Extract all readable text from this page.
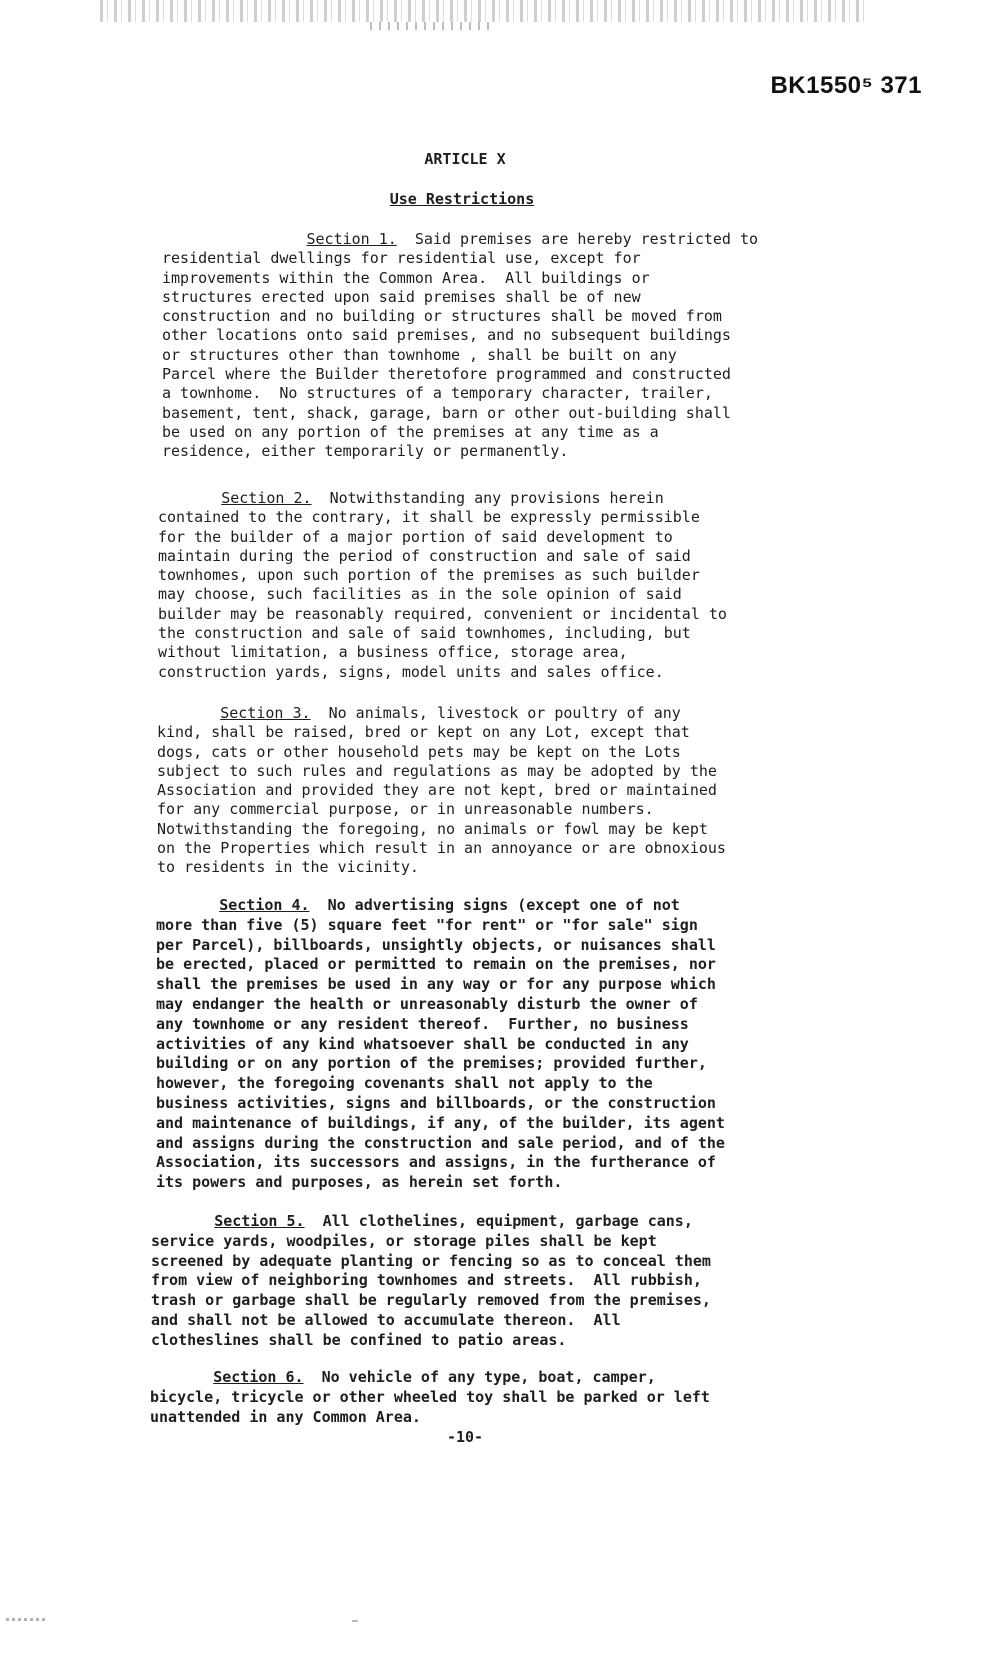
BK1550⁵ 371
ARTICLE X
Use Restrictions
Section 1.  Said premises are hereby restricted to
residential dwellings for residential use, except for
improvements within the Common Area.  All buildings or
structures erected upon said premises shall be of new
construction and no building or structures shall be moved from
other locations onto said premises, and no subsequent buildings
or structures other than townhome , shall be built on any
Parcel where the Builder theretofore programmed and constructed
a townhome.  No structures of a temporary character, trailer,
basement, tent, shack, garage, barn or other out-building shall
be used on any portion of the premises at any time as a
residence, either temporarily or permanently.
Section 2.  Notwithstanding any provisions herein
contained to the contrary, it shall be expressly permissible
for the builder of a major portion of said development to
maintain during the period of construction and sale of said
townhomes, upon such portion of the premises as such builder
may choose, such facilities as in the sole opinion of said
builder may be reasonably required, convenient or incidental to
the construction and sale of said townhomes, including, but
without limitation, a business office, storage area,
construction yards, signs, model units and sales office.
Section 3.  No animals, livestock or poultry of any
kind, shall be raised, bred or kept on any Lot, except that
dogs, cats or other household pets may be kept on the Lots
subject to such rules and regulations as may be adopted by the
Association and provided they are not kept, bred or maintained
for any commercial purpose, or in unreasonable numbers.
Notwithstanding the foregoing, no animals or fowl may be kept
on the Properties which result in an annoyance or are obnoxious
to residents in the vicinity.
Section 4.  No advertising signs (except one of not
more than five (5) square feet "for rent" or "for sale" sign
per Parcel), billboards, unsightly objects, or nuisances shall
be erected, placed or permitted to remain on the premises, nor
shall the premises be used in any way or for any purpose which
may endanger the health or unreasonably disturb the owner of
any townhome or any resident thereof.  Further, no business
activities of any kind whatsoever shall be conducted in any
building or on any portion of the premises; provided further,
however, the foregoing covenants shall not apply to the
business activities, signs and billboards, or the construction
and maintenance of buildings, if any, of the builder, its agent
and assigns during the construction and sale period, and of the
Association, its successors and assigns, in the furtherance of
its powers and purposes, as herein set forth.
Section 5.  All clothelines, equipment, garbage cans,
service yards, woodpiles, or storage piles shall be kept
screened by adequate planting or fencing so as to conceal them
from view of neighboring townhomes and streets.  All rubbish,
trash or garbage shall be regularly removed from the premises,
and shall not be allowed to accumulate thereon.  All
clotheslines shall be confined to patio areas.
Section 6.  No vehicle of any type, boat, camper,
bicycle, tricycle or other wheeled toy shall be parked or left
unattended in any Common Area.
-10-
